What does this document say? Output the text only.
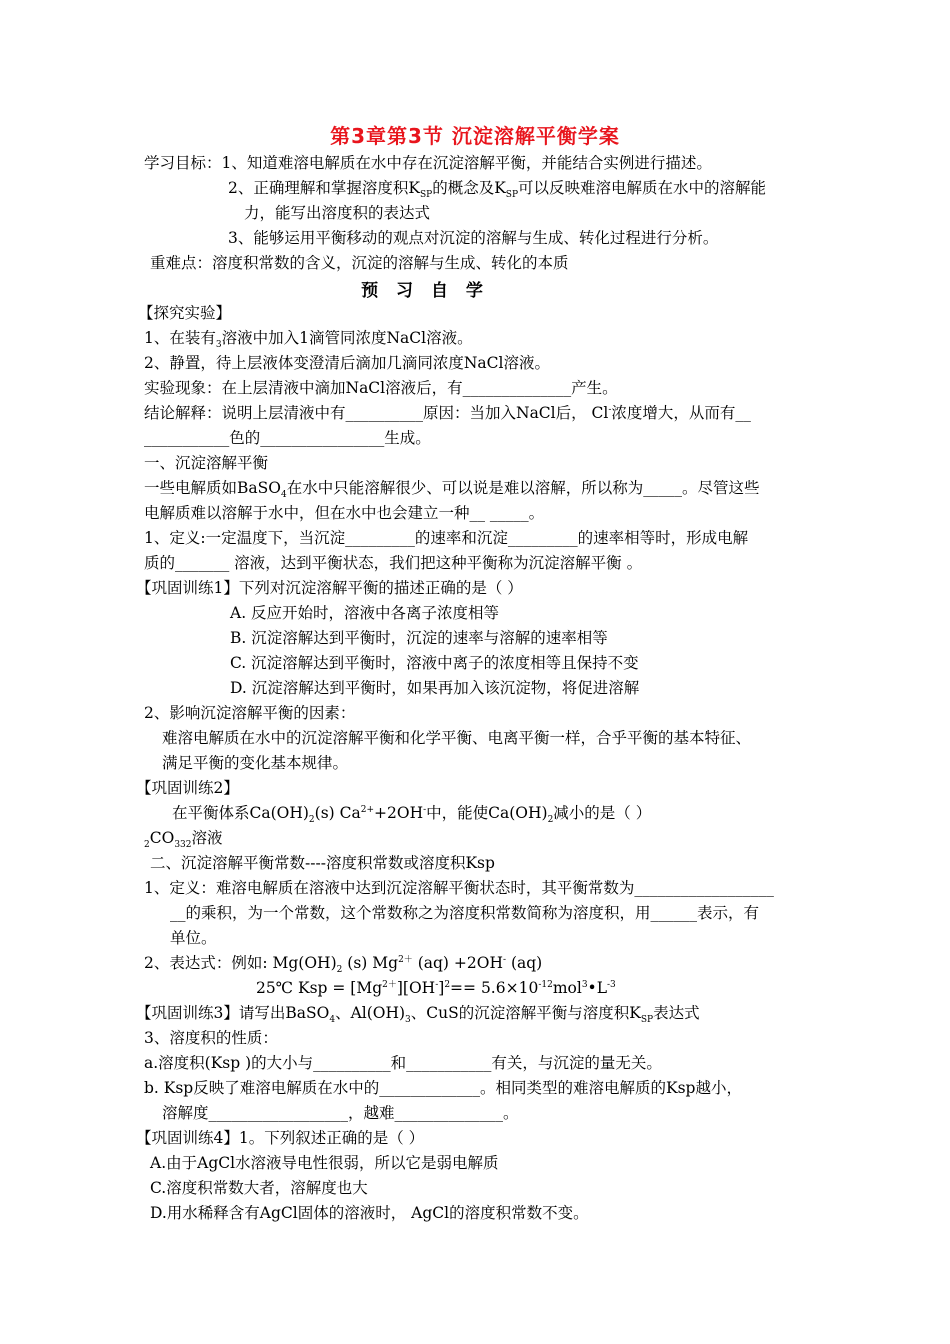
第3章第3节 沉淀溶解平衡学案
学习目标：1、知道难溶电解质在水中存在沉淀溶解平衡，并能结合实例进行描述。
2、正确理解和掌握溶度积$K_{SP}$的概念及$K_{SP}$可以反映难溶电解质在水中的溶解能
力，能写出溶度积的表达式
3、能够运用平衡移动的观点对沉淀的溶解与生成、转化过程进行分析。
重难点：溶度积常数的含义，沉淀的溶解与生成、转化的本质
预 习 自 学
【探究实验】
1、在装有$_3$溶液中加入1滴管同浓度NaCl溶液。
2、静置，待上层液体变澄清后滴加几滴同浓度NaCl溶液。
实验现象：在上层清液中滴加NaCl溶液后，有______________产生。
结论解释：说明上层清液中有__________原因：当加入NaCl后， Cl-浓度增大，从而有__
___________色的________________生成。
一、沉淀溶解平衡
一些电解质如BaSO$_4$在水中只能溶解很少、可以说是难以溶解，所以称为_____。尽管这些
电解质难以溶解于水中，但在水中也会建立一种__ _____。
1、定义:一定温度下，当沉淀_________的速率和沉淀_________的速率相等时，形成电解
质的_______ 溶液，达到平衡状态，我们把这种平衡称为沉淀溶解平衡 。
【巩固训练1】下列对沉淀溶解平衡的描述正确的是（ ）
A. 反应开始时，溶液中各离子浓度相等
B. 沉淀溶解达到平衡时，沉淀的速率与溶解的速率相等
C. 沉淀溶解达到平衡时，溶液中离子的浓度相等且保持不变
D. 沉淀溶解达到平衡时，如果再加入该沉淀物，将促进溶解
2、影响沉淀溶解平衡的因素：
难溶电解质在水中的沉淀溶解平衡和化学平衡、电离平衡一样，合乎平衡的基本特征、
满足平衡的变化基本规律。
【巩固训练2】
在平衡体系$Ca(OH)_2(s)$ $Ca^{2+}+2OH^-$中，能使$Ca(OH)_2$减小的是（ ）
$_2CO_{332}$溶液
二、沉淀溶解平衡常数----溶度积常数或溶度积Ksp
1、定义：难溶电解质在溶液中达到沉淀溶解平衡状态时，其平衡常数为__________________
__的乘积，为一个常数，这个常数称之为溶度积常数简称为溶度积，用______表示，有
单位。
2、表达式：例如: $Mg(OH)_2$ (s) $Mg^{2+}$ (aq) +2OH- (aq)
25℃ Ksp = $[Mg^{2+}][OH^-]^2==$ $5.6\times 10^{-12}mol^3•L^{-3}$
【巩固训练3】请写出BaSO$_4$、$Al(OH)_3$、CuS的沉淀溶解平衡与溶度积$K_{SP}$表达式
3、溶度积的性质：
a.溶度积(Ksp )的大小与__________和___________有关，与沉淀的量无关。
b. Ksp反映了难溶电解质在水中的_____________。相同类型的难溶电解质的Ksp越小，
溶解度__________________，越难______________。
【巩固训练4】1。下列叙述正确的是（ ）
A.由于AgCl水溶液导电性很弱，所以它是弱电解质
C.溶度积常数大者，溶解度也大
D.用水稀释含有AgCl固体的溶液时， AgCl的溶度积常数不变。
